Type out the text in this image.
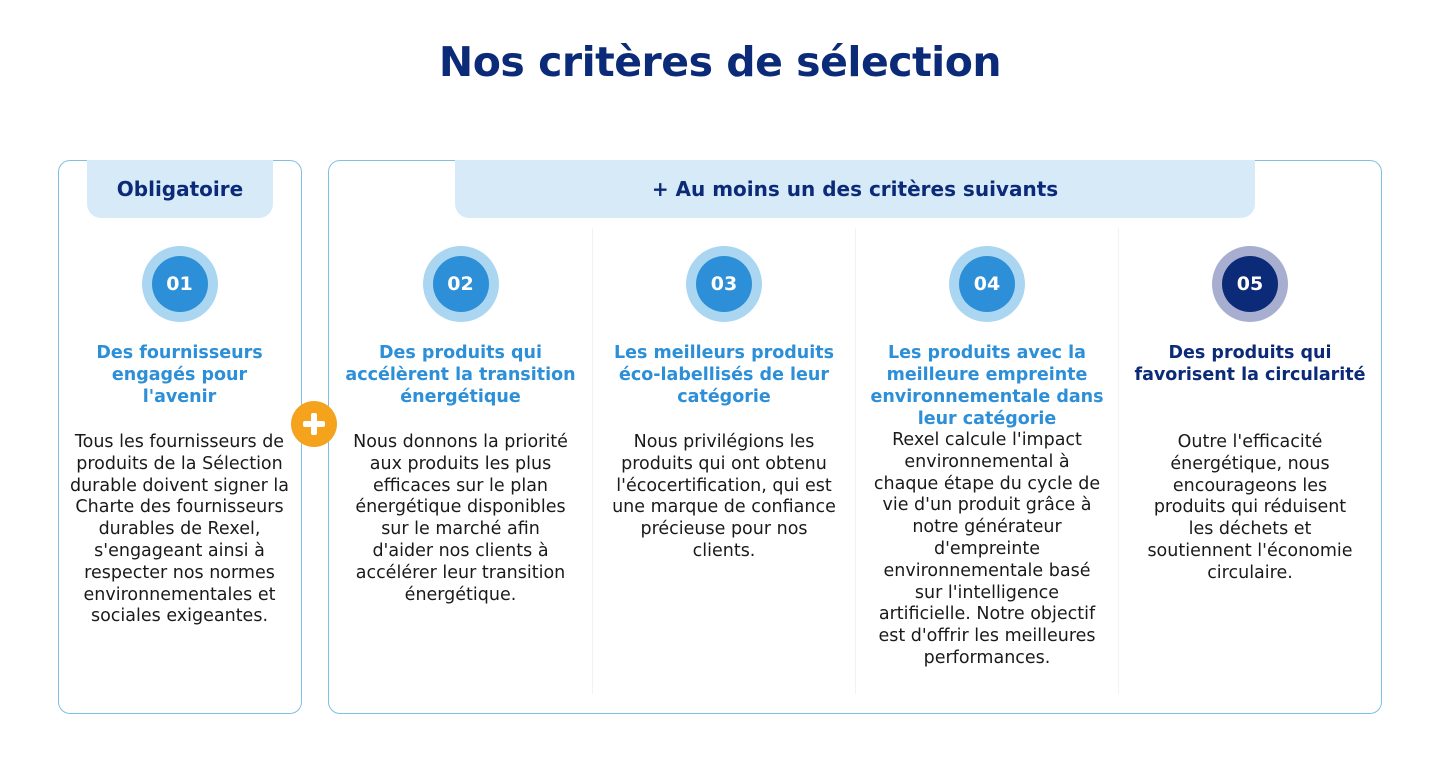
Nos critères de sélection
Obligatoire	+ Au moins un des critères suivants
01
Des fournisseurs engagés pour l'avenir
Tous les fournisseurs de produits de la Sélection durable doivent signer la Charte des fournisseurs durables de Rexel, s'engageant ainsi à respecter nos normes environnementales et sociales exigeantes.
02
Des produits qui accélèrent la transition énergétique
Nous donnons la priorité aux produits les plus efficaces sur le plan énergétique disponibles sur le marché afin d'aider nos clients à accélérer leur transition énergétique.
03
Les meilleurs produits éco-labellisés de leur catégorie
Nous privilégions les produits qui ont obtenu l'écocertification, qui est une marque de confiance précieuse pour nos clients.
04
Les produits avec la meilleure empreinte environnementale dans leur catégorie
Rexel calcule l'impact environnemental à chaque étape du cycle de vie d'un produit grâce à notre générateur d'empreinte environnementale basé sur l'intelligence artificielle. Notre objectif est d'offrir les meilleures performances.
05
Des produits qui favorisent la circularité
Outre l'efficacité énergétique, nous encourageons les produits qui réduisent les déchets et soutiennent l'économie circulaire.
